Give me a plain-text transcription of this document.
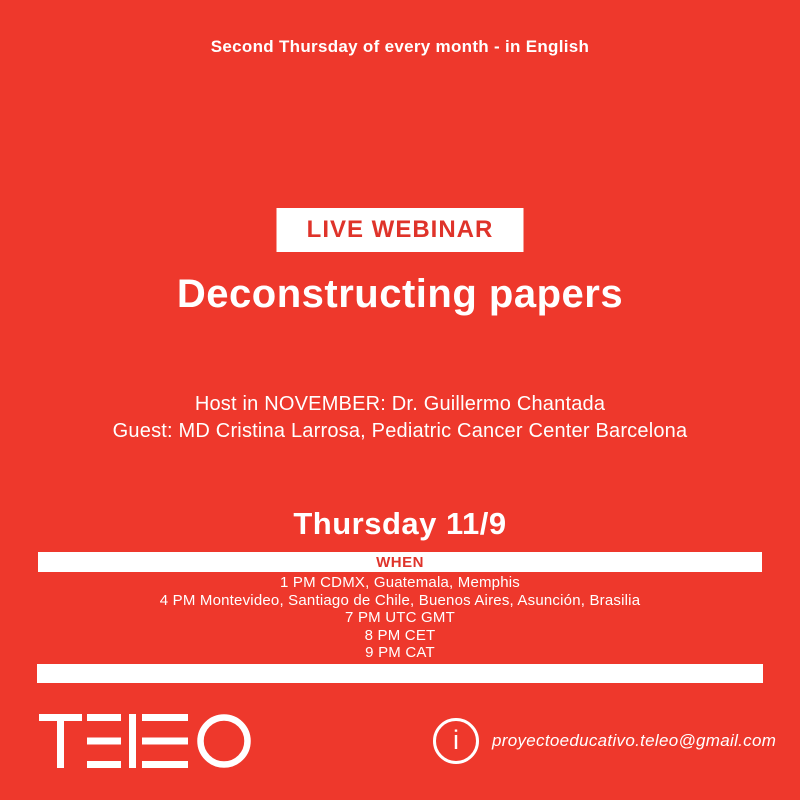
Second Thursday of every month - in English
LIVE WEBINAR
Deconstructing papers
Host in NOVEMBER: Dr. Guillermo Chantada
Guest: MD Cristina Larrosa, Pediatric Cancer Center Barcelona
Thursday 11/9
WHEN
1 PM CDMX, Guatemala, Memphis
4 PM Montevideo, Santiago de Chile, Buenos Aires, Asunción, Brasilia
7 PM UTC GMT
8 PM CET
9 PM CAT
i proyectoeducativo.teleo@gmail.com
